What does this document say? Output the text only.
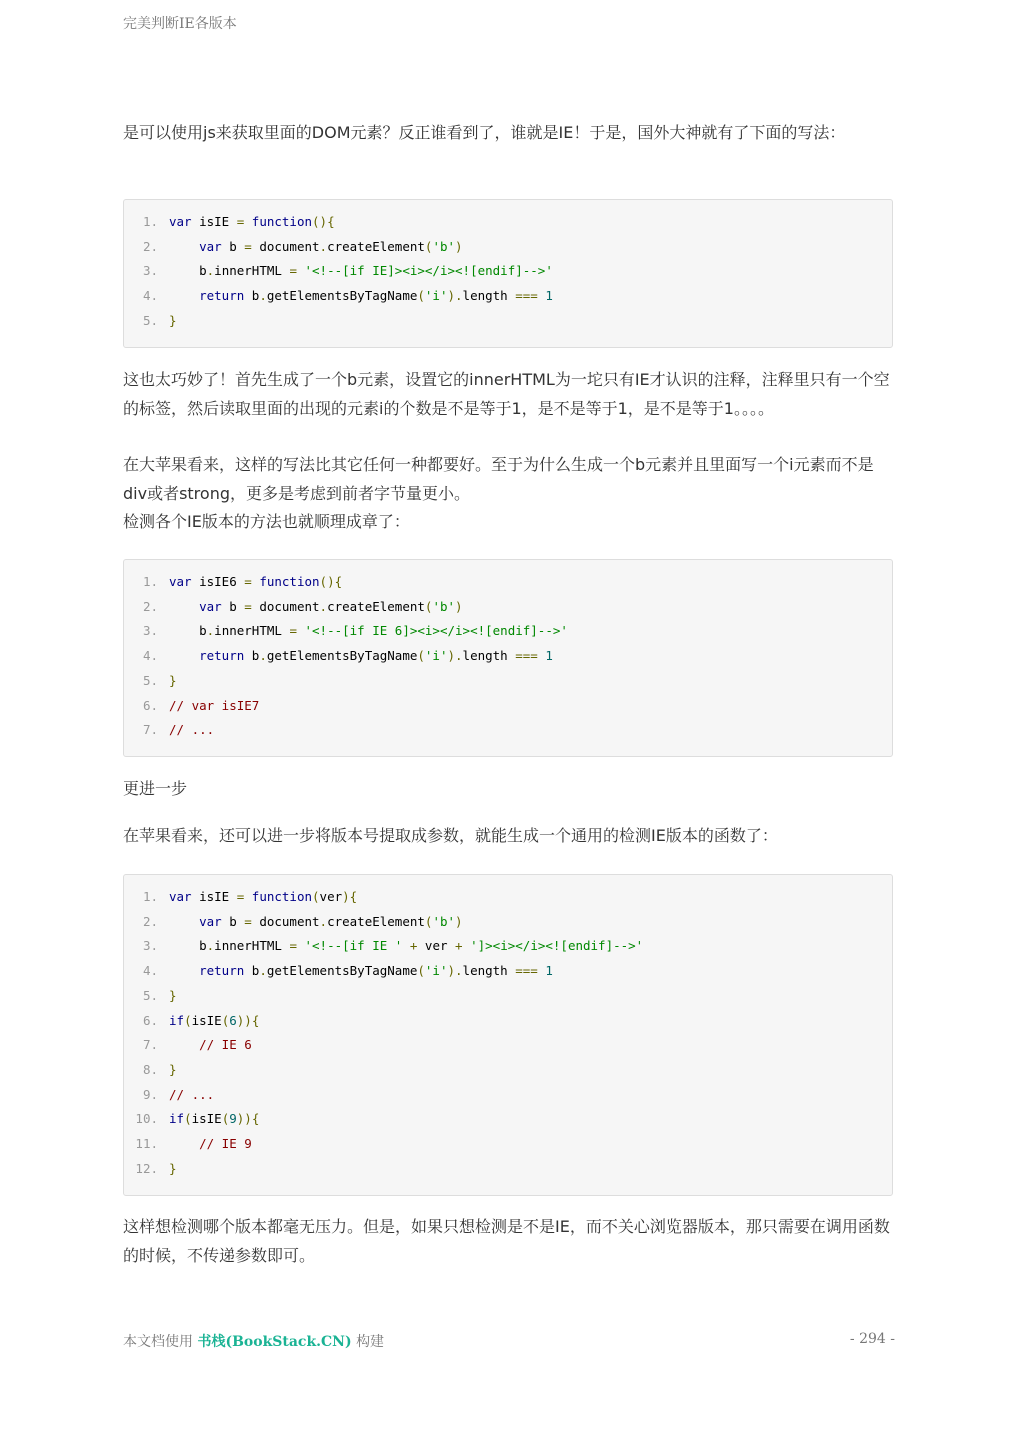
完美判断IE各版本

是可以使用js来获取里面的DOM元素？反正谁看到了，谁就是IE！于是，国外大神就有了下面的写法：

1. var isIE = function(){
2.	var b = document.createElement('b')
3.    b.innerHTML = '<!--[if IE]><i></i><![endif]-->'
4.	return b.getElementsByTagName('i').length === 1
5. }

这也太巧妙了！首先生成了一个b元素，设置它的innerHTML为一坨只有IE才认识的注释，注释里只有一个空的标签，然后读取里面的出现的元素i的个数是不是等于1，是不是等于1，是不是等于1。。。。

在大苹果看来，这样的写法比其它任何一种都要好。至于为什么生成一个b元素并且里面写一个i元素而不是div或者strong，更多是考虑到前者字节量更小。

检测各个IE版本的方法也就顺理成章了：

1. var isIE6 = function(){
2.	var b = document.createElement('b')
3.    b.innerHTML = '<!--[if IE 6]><i></i><![endif]-->'
4.	return b.getElementsByTagName('i').length === 1
5. }
6. // var isIE7
7. // ...

更进一步

在苹果看来，还可以进一步将版本号提取成参数，就能生成一个通用的检测IE版本的函数了：

1. var isIE = function(ver){
2.	var b = document.createElement('b')
3.    b.innerHTML = '<!--[if IE ' + ver + ']><i></i><![endif]-->'
4.	return b.getElementsByTagName('i').length === 1
5. }
6. if(isIE(6)){
7.	// IE 6
8. }
9. // ...
10. if(isIE(9)){
11.	// IE 9
12. }

这样想检测哪个版本都毫无压力。但是，如果只想检测是不是IE，而不关心浏览器版本，那只需要在调用函数的时候，不传递参数即可。

本文档使用 书栈(BookStack.CN) 构建	- 294 -
